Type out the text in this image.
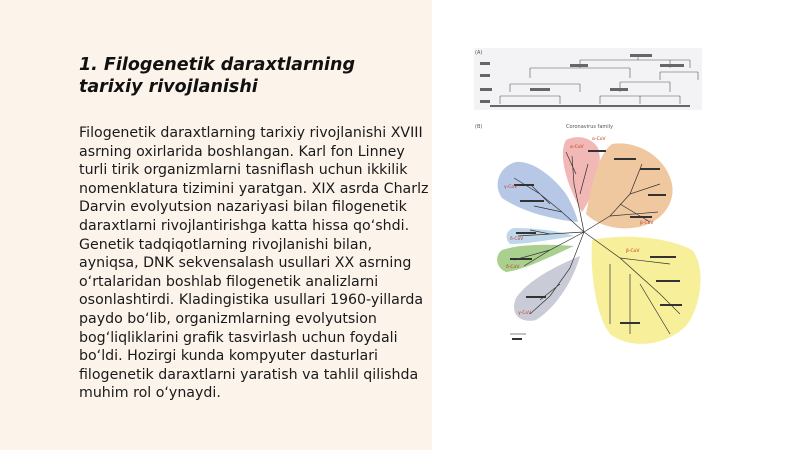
1. Filogenetik daraxtlarning tarixiy rivojlanishi

Filogenetik daraxtlarning tarixiy rivojlanishi XVIII asrning oxirlarida boshlangan. Karl fon Linney turli tirik organizmlarni tasniflash uchun ikkilik nomenklatura tizimini yaratgan. XIX asrda Charlz Darvin evolyutsion nazariyasi bilan filogenetik daraxtlarni rivojlantirishga katta hissa qo‘shdi. Genetik tadqiqotlarning rivojlanishi bilan, ayniqsa, DNK sekvensalash usullari XX asrning o‘rtalaridan boshlab filogenetik analizlarni osonlashtirdi. Kladingistika usullari 1960-yillarda paydo bo‘lib, organizmlarning evolyutsion bog‘liqliklarini grafik tasvirlash uchun foydali bo‘ldi. Hozirgi kunda kompyuter dasturlari filogenetik daraxtlarni yaratish va tahlil qilishda muhim rol o‘ynaydi.

(A)
(B)	Coronavirus family
α-CoV
β-CoV
γ-CoV
δ-CoV
δ-CoV
γ-CoV
β-CoV
α-CoV
